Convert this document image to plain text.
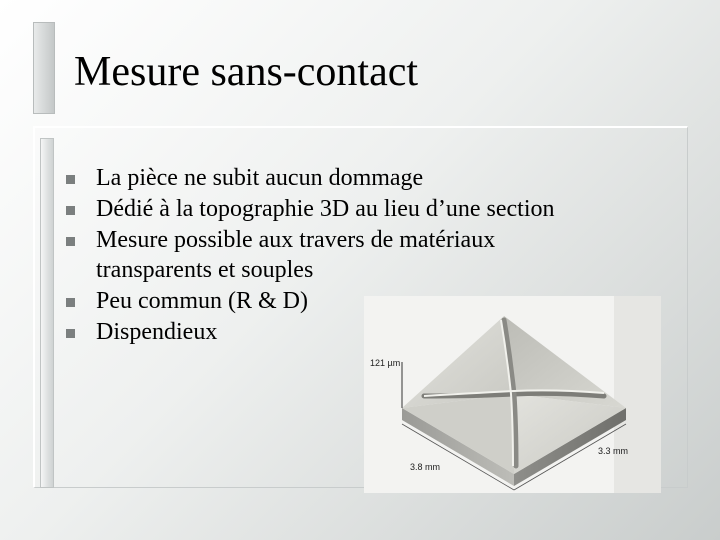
Mesure sans-contact
La pièce ne subit aucun dommage
Dédié à la topographie 3D au lieu d’une section
Mesure possible aux travers de matériaux transparents et souples
Peu commun (R & D)
Dispendieux
121 µm
3.8 mm
3.3 mm
